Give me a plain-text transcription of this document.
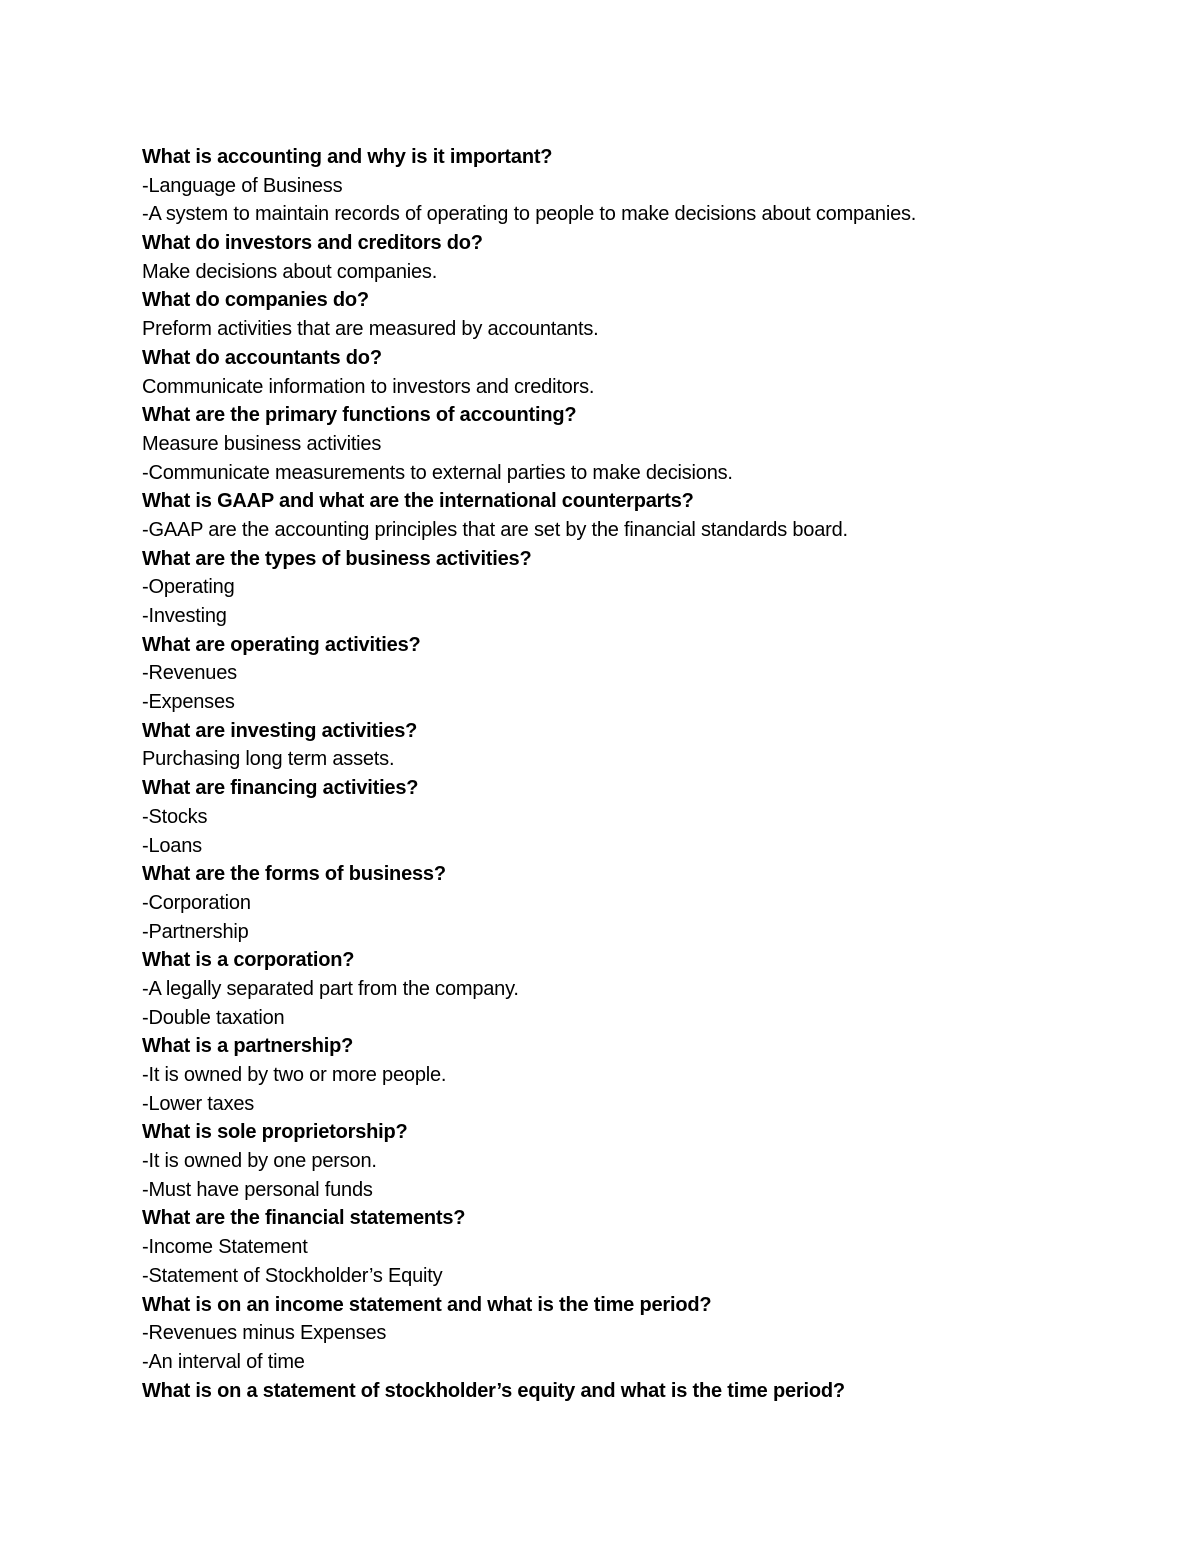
What is accounting and why is it important?
-Language of Business
-A system to maintain records of operating to people to make decisions about companies.
What do investors and creditors do?
Make decisions about companies.
What do companies do?
Preform activities that are measured by accountants.
What do accountants do?
Communicate information to investors and creditors.
What are the primary functions of accounting?
Measure business activities
-Communicate measurements to external parties to make decisions.
What is GAAP and what are the international counterparts?
-GAAP are the accounting principles that are set by the financial standards board.
What are the types of business activities?
-Operating
-Investing
What are operating activities?
-Revenues
-Expenses
What are investing activities?
Purchasing long term assets.
What are financing activities?
-Stocks
-Loans
What are the forms of business?
-Corporation
-Partnership
What is a corporation?
-A legally separated part from the company.
-Double taxation
What is a partnership?
-It is owned by two or more people.
-Lower taxes
What is sole proprietorship?
-It is owned by one person.
-Must have personal funds
What are the financial statements?
-Income Statement
-Statement of Stockholder’s Equity
What is on an income statement and what is the time period?
-Revenues minus Expenses
-An interval of time
What is on a statement of stockholder’s equity and what is the time period?
